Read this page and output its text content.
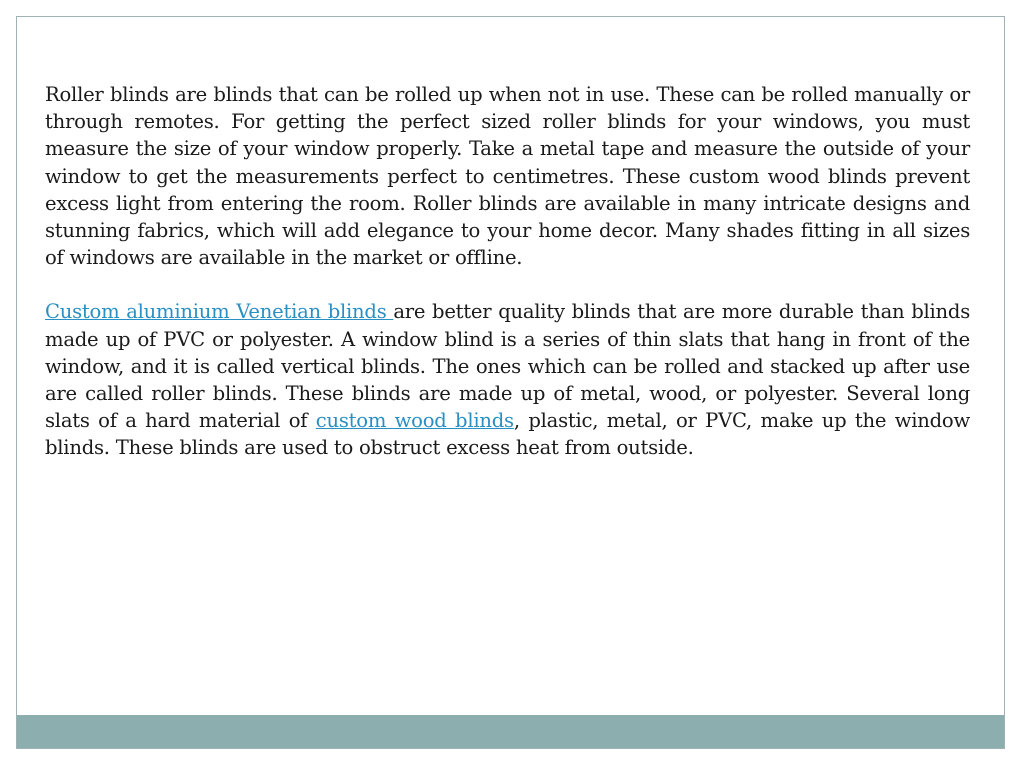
Roller blinds are blinds that can be rolled up when not in use. These can be rolled manually or through remotes. For getting the perfect sized roller blinds for your windows, you must measure the size of your window properly. Take a metal tape and measure the outside of your window to get the measurements perfect to centimetres. These custom wood blinds prevent excess light from entering the room. Roller blinds are available in many intricate designs and stunning fabrics, which will add elegance to your home decor. Many shades fitting in all sizes of windows are available in the market or offline.

Custom aluminium Venetian blinds are better quality blinds that are more durable than blinds made up of PVC or polyester. A window blind is a series of thin slats that hang in front of the window, and it is called vertical blinds. The ones which can be rolled and stacked up after use are called roller blinds. These blinds are made up of metal, wood, or polyester. Several long slats of a hard material of custom wood blinds, plastic, metal, or PVC, make up the window blinds. These blinds are used to obstruct excess heat from outside.
